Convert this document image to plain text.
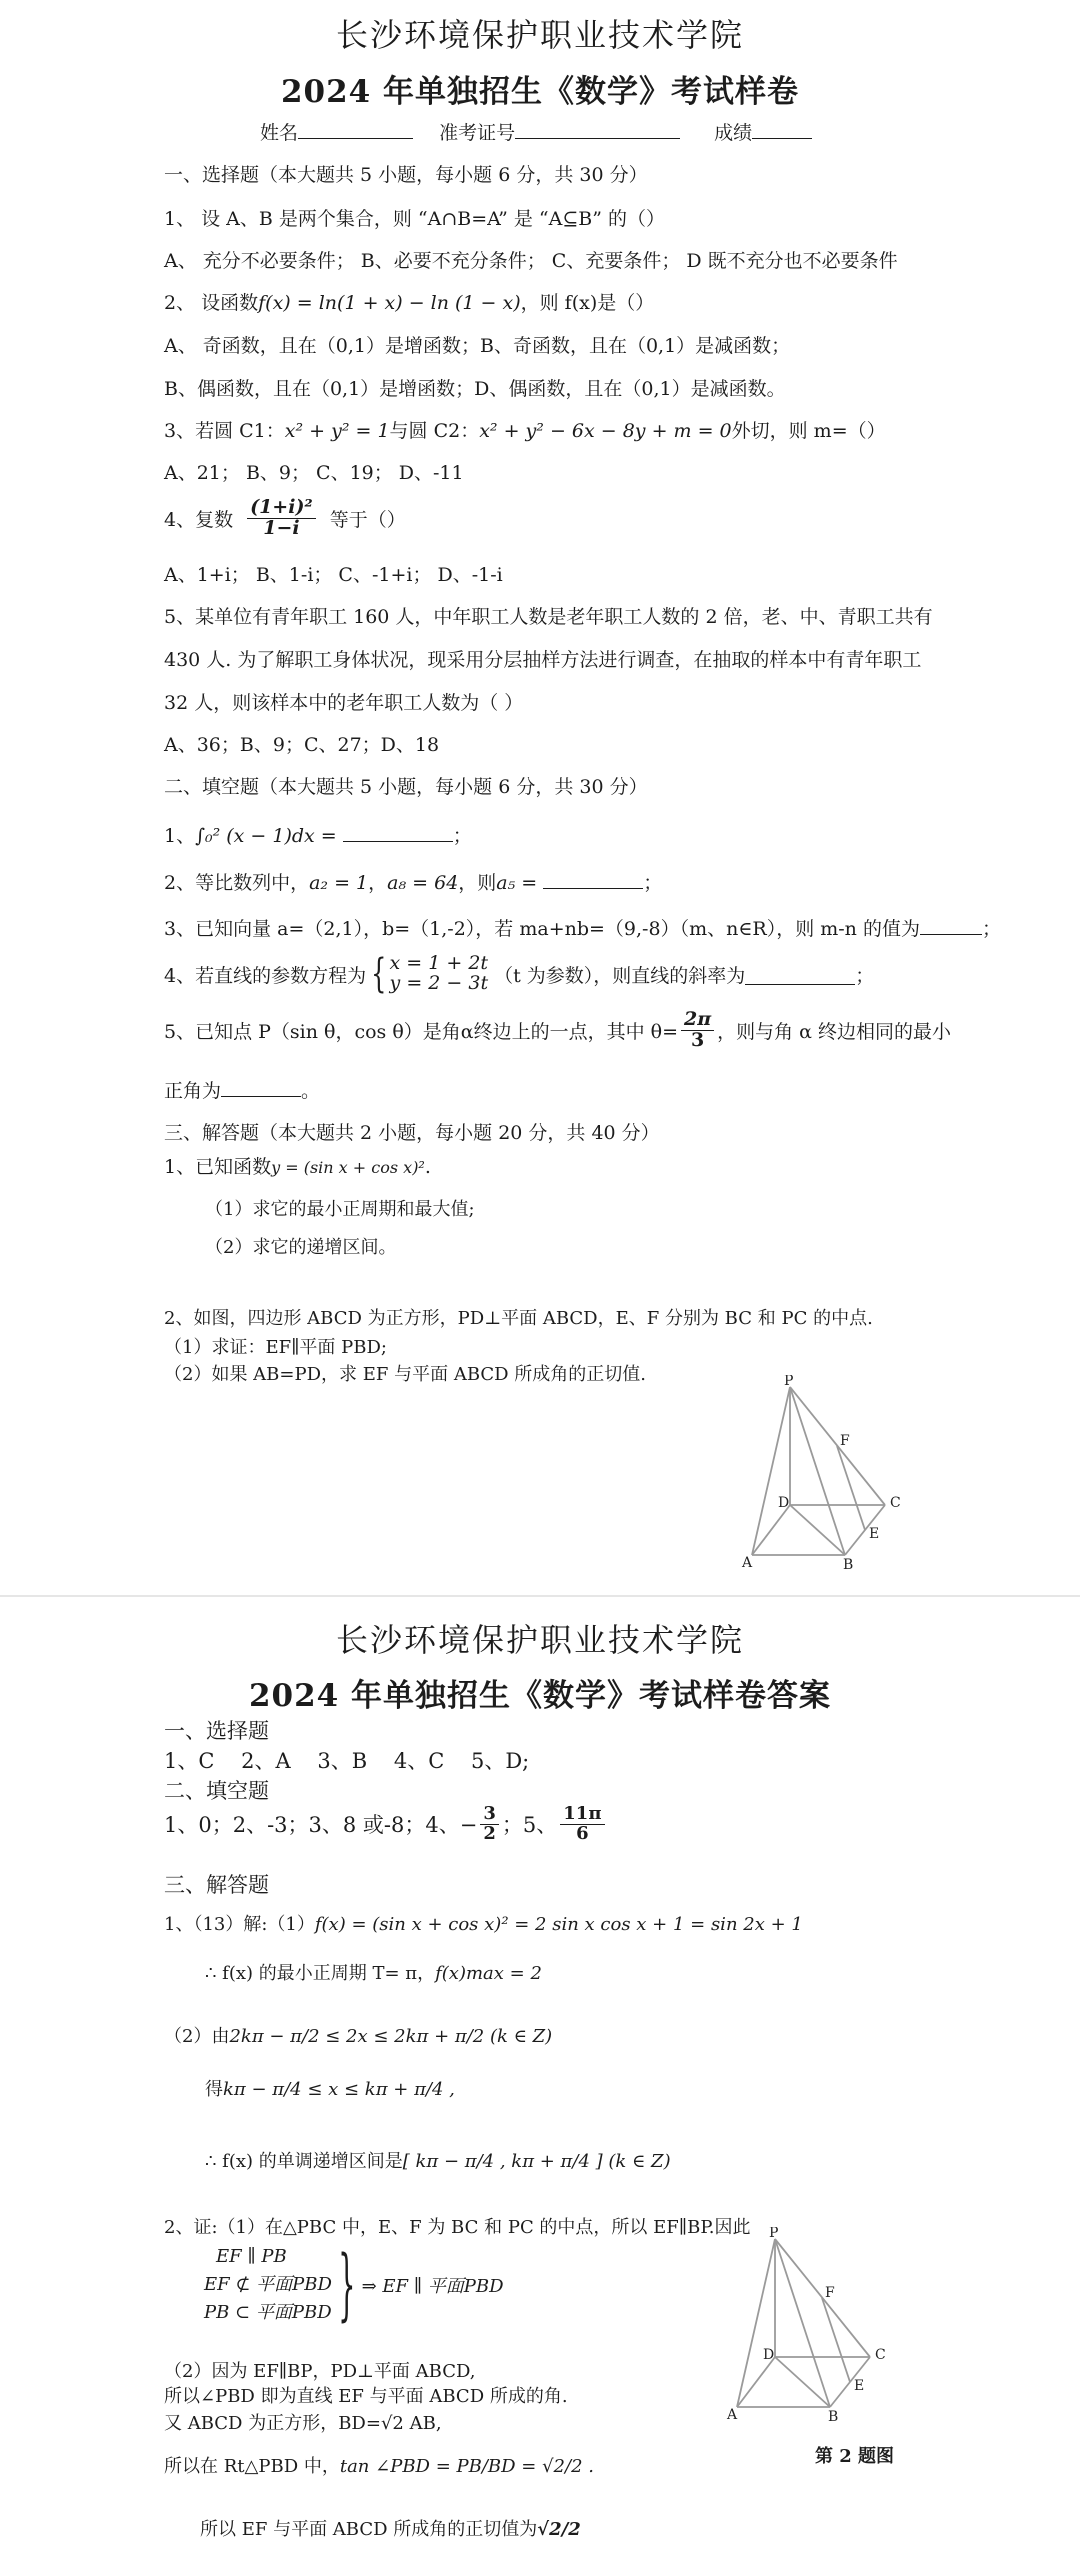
长沙环境保护职业技术学院
2024 年单独招生《数学》考试样卷
姓名	准考证号	成绩
一、选择题（本大题共 5 小题，每小题 6 分，共 30 分）
1、 设 A、B 是两个集合，则 “A∩B=A” 是 “A⊆B” 的（）
A、 充分不必要条件； B、必要不充分条件； C、充要条件； D 既不充分也不必要条件
2、 设函数f(x) = ln(1 + x) − ln (1 − x)，则 f(x)是（）
A、 奇函数，且在（0,1）是增函数；B、奇函数，且在（0,1）是减函数；
B、偶函数，且在（0,1）是增函数；D、偶函数，且在（0,1）是减函数。
3、若圆 C1：x² + y² = 1与圆 C2：x² + y² − 6x − 8y + m = 0外切，则 m=（）
A、21； B、9； C、19； D、-11
4、复数 $\frac{\text{(1+i)²}}{1-i}$ 等于（）
A、1+i； B、1-i； C、-1+i； D、-1-i
5、某单位有青年职工 160 人，中年职工人数是老年职工人数的 2 倍，老、中、青职工共有
430 人. 为了解职工身体状况，现采用分层抽样方法进行调查，在抽取的样本中有青年职工
32 人，则该样本中的老年职工人数为（ ）
A、36；B、9；C、27；D、18
二、填空题（本大题共 5 小题，每小题 6 分，共 30 分）
1、∫₀² (x − 1)dx =	；
2、等比数列中，a₂ = 1，a₈ = 64，则a₅ =	；
3、已知向量 a=（2,1），b=（1,-2），若 ma+nb=（9,-8）（m、n∈R），则 m-n 的值为	；
4、若直线的参数方程为 { x = 1 + 2t
y = 2 − 3t （t 为参数），则直线的斜率为	；
5、已知点 P（sin θ，cos θ）是角α终边上的一点，其中 $\theta= \frac{2\pi}{3}$ ，则与角 α 终边相同的最小
正角为	。
三、解答题（本大题共 2 小题，每小题 20 分，共 40 分）
1、已知函数y = (sin x + cos x)².
（1）求它的最小正周期和最大值;
（2）求它的递增区间。
2、如图，四边形 ABCD 为正方形，PD⊥平面 ABCD，E、F 分别为 BC 和 PC 的中点.
（1）求证：EF∥平面 PBD;
（2）如果 AB=PD，求 EF 与平面 ABCD 所成角的正切值.	P
F
D	C
E
A	B
长沙环境保护职业技术学院
2024 年单独招生《数学》考试样卷答案
一、选择题
1、C    2、A    3、B    4、C    5、D;
二、填空题
1、0；2、-3；3、8 或-8；4、− $\frac{3}{2}$ ；5、 $\frac{11\pi}{6}$
三、解答题
1、（13）解:（1）f(x) = (sin x + cos x)² = 2 sin x cos x + 1 = sin 2x + 1
∴ f(x) 的最小正周期 T= π，f(x)max = 2
（2）由2kπ − π/2 ≤ 2x ≤ 2kπ + π/2 (k ∈ Z)
得kπ − π/4 ≤ x ≤ kπ + π/4 ,
∴ f(x) 的单调递增区间是[ kπ − π/4 , kπ + π/4 ] (k ∈ Z)
2、证:（1）在△PBC 中，E、F 为 BC 和 PC 的中点，所以 EF∥BP.因此
EF ∥ PB
EF ⊄ 平面PBD
PB ⊂ 平面PBD } ⇒ EF ∥ 平面PBD
（2）因为 EF∥BP，PD⊥平面 ABCD,
所以∠PBD 即为直线 EF 与平面 ABCD 所成的角.
又 ABCD 为正方形，BD=√2 AB,
所以在 Rt△PBD 中，tan ∠PBD = PB/BD = √2/2 .
所以 EF 与平面 ABCD 所成角的正切值为√2/2
P
F
D	C
E
A	B
第 2 题图
